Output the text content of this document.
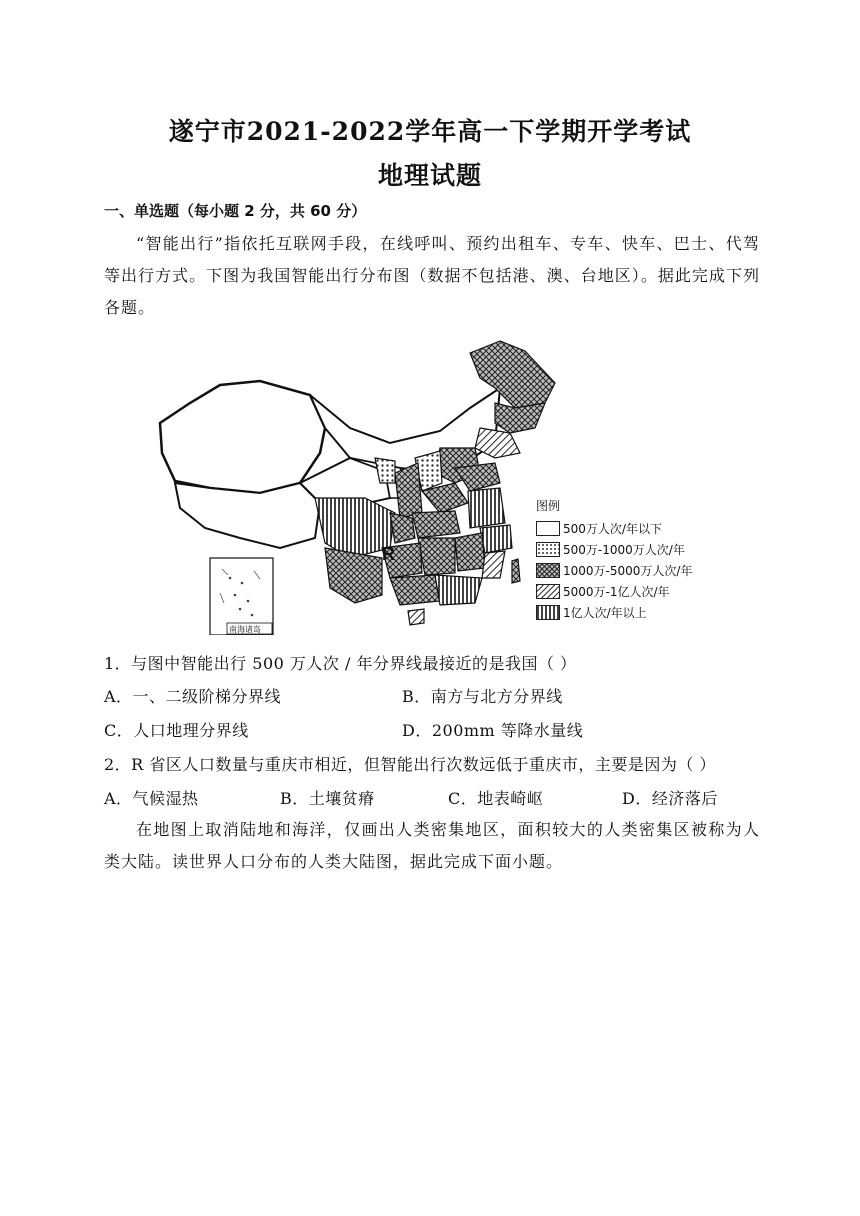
遂宁市2021-2022学年高一下学期开学考试
地理试题
一、单选题（每小题 2 分，共 60 分）
“智能出行”指依托互联网手段，在线呼叫、预约出租车、专车、快车、巴士、代驾等出行方式。下图为我国智能出行分布图（数据不包括港、澳、台地区）。据此完成下列各题。
R
南海诸岛
图例
500万人次/年以下
500万-1000万人次/年
1000万-5000万人次/年
5000万-1亿人次/年
1亿人次/年以上
1．与图中智能出行 500 万人次 / 年分界线最接近的是我国（ ）
A．一、二级阶梯分界线	B．南方与北方分界线
C．人口地理分界线	D．200mm 等降水量线
2．R 省区人口数量与重庆市相近，但智能出行次数远低于重庆市，主要是因为（ ）
A．气候湿热	B．土壤贫瘠	C．地表崎岖	D．经济落后
在地图上取消陆地和海洋，仅画出人类密集地区，面积较大的人类密集区被称为人类大陆。读世界人口分布的人类大陆图，据此完成下面小题。
